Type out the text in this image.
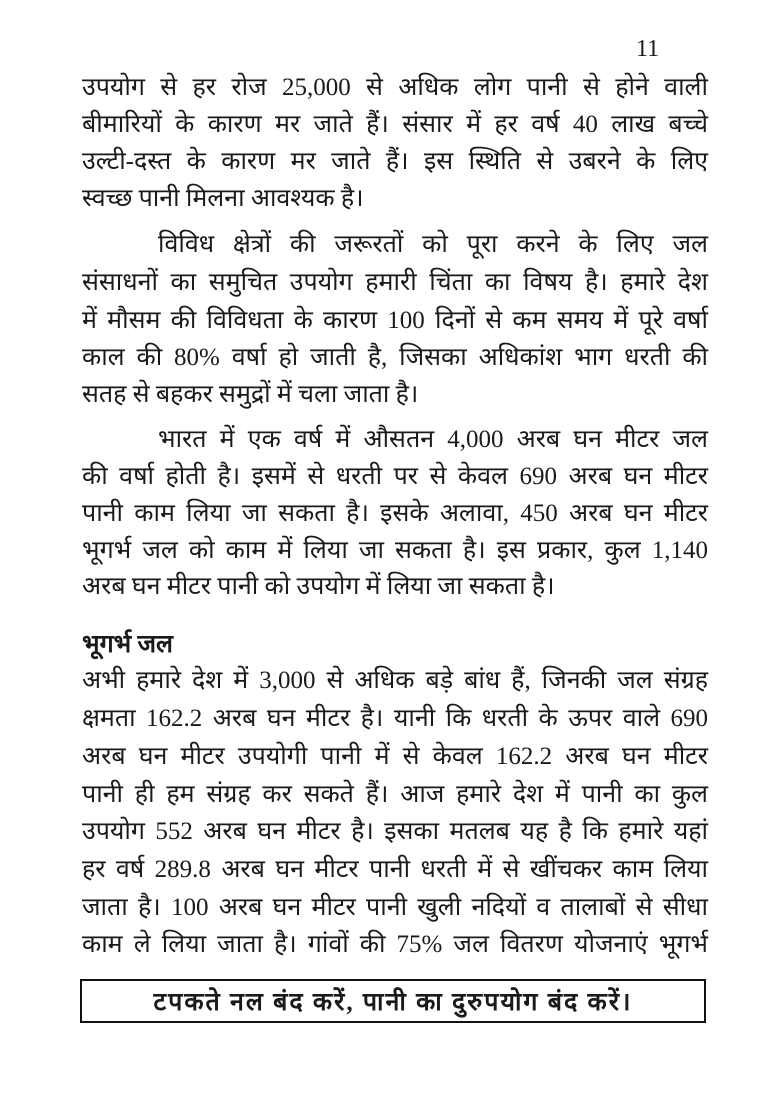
11
उपयोग से हर रोज 25,000 से अधिक लोग पानी से होने वाली
बीमारियों के कारण मर जाते हैं। संसार में हर वर्ष 40 लाख बच्चे
उल्टी-दस्त के कारण मर जाते हैं। इस स्थिति से उबरने के लिए
स्वच्छ पानी मिलना आवश्यक है।
विविध क्षेत्रों की जरूरतों को पूरा करने के लिए जल
संसाधनों का समुचित उपयोग हमारी चिंता का विषय है। हमारे देश
में मौसम की विविधता के कारण 100 दिनों से कम समय में पूरे वर्षा
काल की 80% वर्षा हो जाती है, जिसका अधिकांश भाग धरती की
सतह से बहकर समुद्रों में चला जाता है।
भारत में एक वर्ष में औसतन 4,000 अरब घन मीटर जल
की वर्षा होती है। इसमें से धरती पर से केवल 690 अरब घन मीटर
पानी काम लिया जा सकता है। इसके अलावा, 450 अरब घन मीटर
भूगर्भ जल को काम में लिया जा सकता है। इस प्रकार, कुल 1,140
अरब घन मीटर पानी को उपयोग में लिया जा सकता है।
भूगर्भ जल
अभी हमारे देश में 3,000 से अधिक बड़े बांध हैं, जिनकी जल संग्रह
क्षमता 162.2 अरब घन मीटर है। यानी कि धरती के ऊपर वाले 690
अरब घन मीटर उपयोगी पानी में से केवल 162.2 अरब घन मीटर
पानी ही हम संग्रह कर सकते हैं। आज हमारे देश में पानी का कुल
उपयोग 552 अरब घन मीटर है। इसका मतलब यह है कि हमारे यहां
हर वर्ष 289.8 अरब घन मीटर पानी धरती में से खींचकर काम लिया
जाता है। 100 अरब घन मीटर पानी खुली नदियों व तालाबों से सीधा
काम ले लिया जाता है। गांवों की 75% जल वितरण योजनाएं भूगर्भ
टपकते नल बंद करें, पानी का दुरुपयोग बंद करें।
